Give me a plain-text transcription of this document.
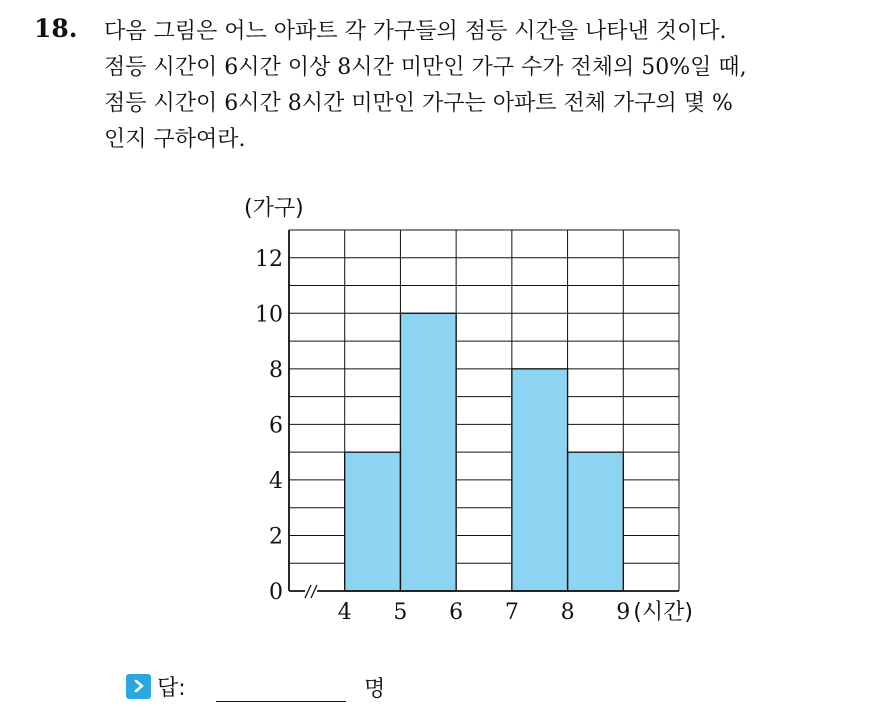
18. 다음 그림은 어느 아파트 각 가구들의 점등 시간을 나타낸 것이다.
점등 시간이 6시간 이상 8시간 미만인 가구 수가 전체의 50%일 때,
점등 시간이 6시간 8시간 미만인 가구는 아파트 전체 가구의 몇 %
인지 구하여라.
0
2
4
6
8
10
12
4 5 6 7 8 9
(가구)
(시간)
답:	명
